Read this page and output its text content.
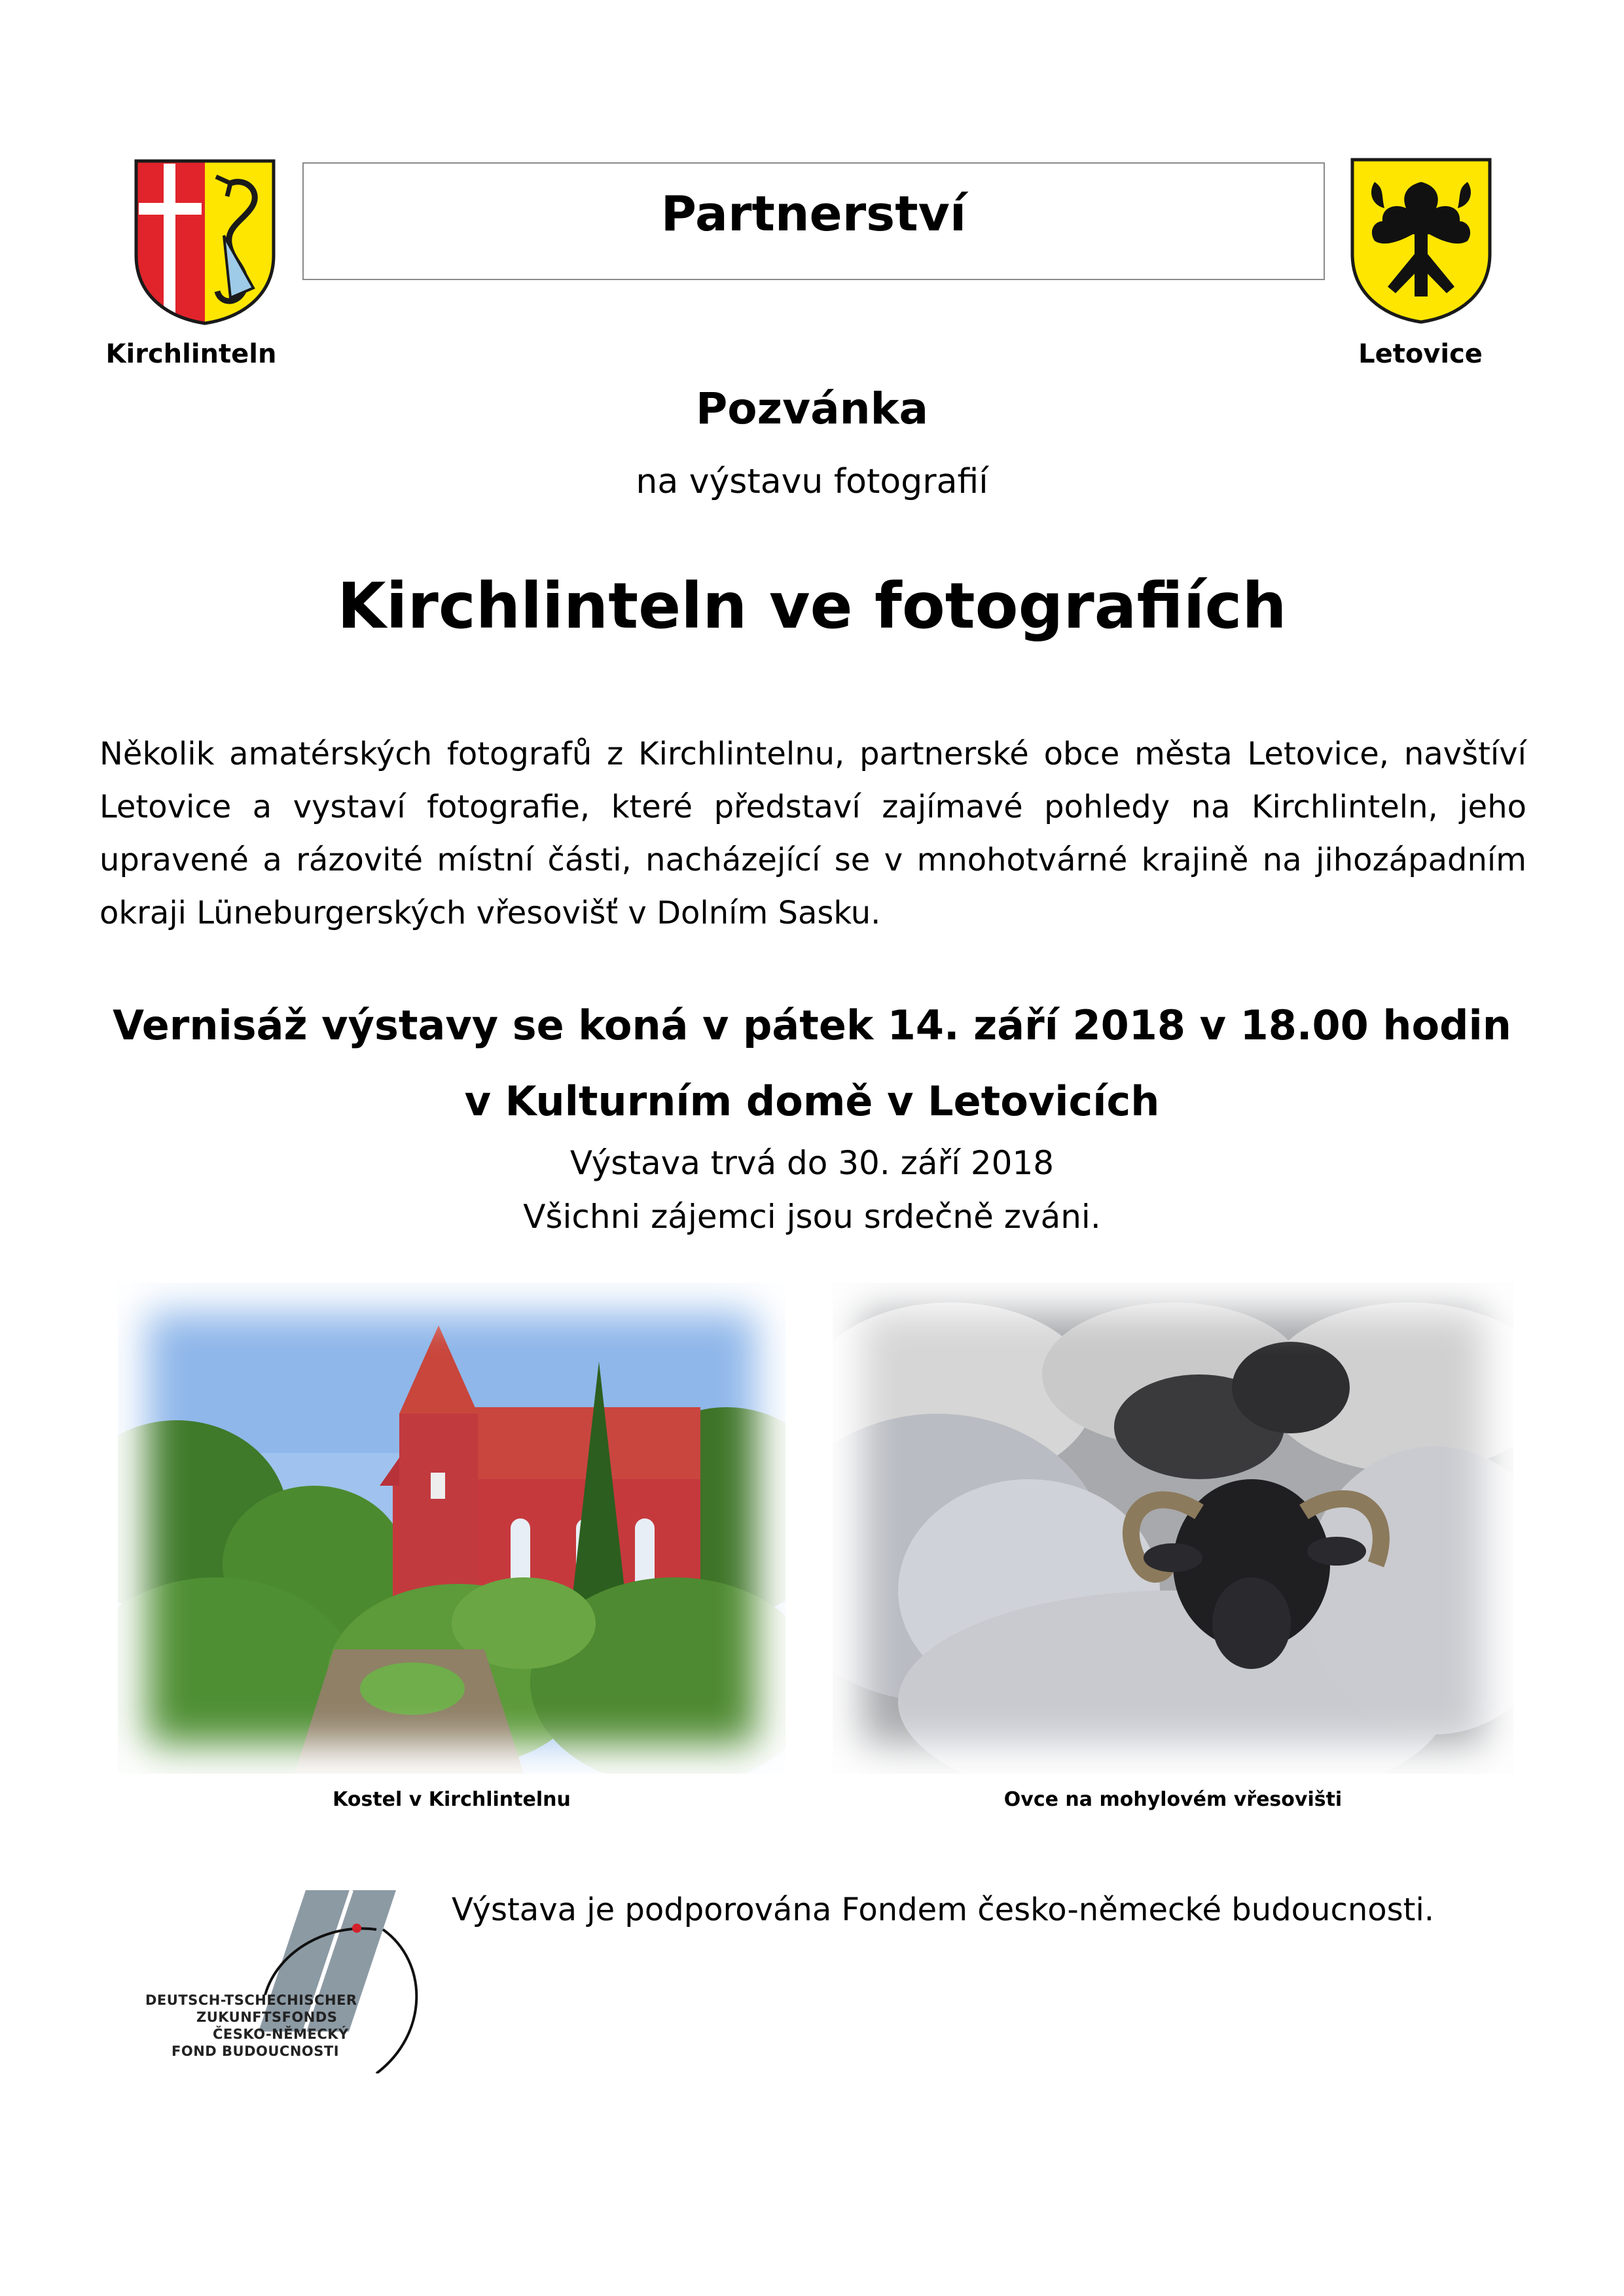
Kirchlinteln
Partnerství
Letovice
Pozvánka
na výstavu fotografií
Kirchlinteln ve fotografiích

Několik amatérských fotografů z Kirchlintelnu, partnerské obce města Letovice, navštíví Letovice a vystaví fotografie, které představí zajímavé pohledy na Kirchlinteln, jeho upravené a rázovité místní části, nacházející se v mnohotvárné krajině na jihozápadním okraji Lüneburgerských vřesovišť v Dolním Sasku.

Vernisáž výstavy se koná v pátek 14. září 2018 v 18.00 hodin
v Kulturním domě v Letovicích
Výstava trvá do 30. září 2018
Všichni zájemci jsou srdečně zváni.
Kostel v Kirchlintelnu	Ovce na mohylovém vřesovišti
DEUTSCH-TSCHECHISCHER
ZUKUNFTSFONDS
ČESKO-NĚMECKÝ
FOND BUDOUCNOSTI
Výstava je podporována Fondem česko-německé budoucnosti.
